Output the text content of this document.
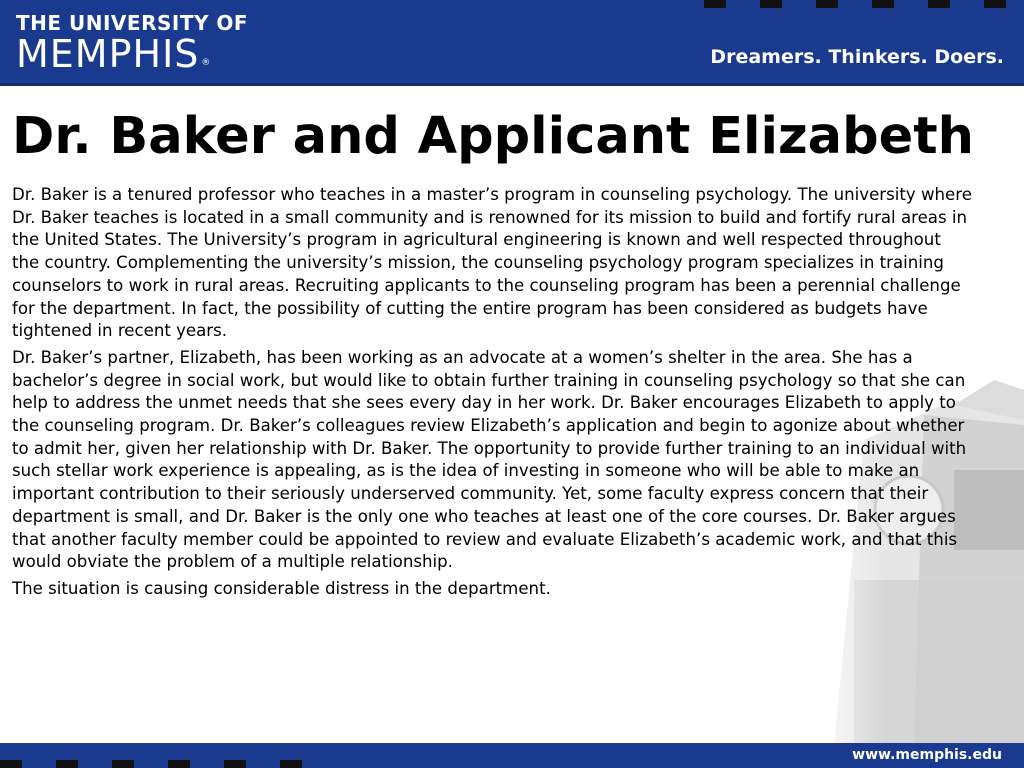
THE UNIVERSITY OF
MEMPHIS ®	Dreamers. Thinkers. Doers.
Dr. Baker and Applicant Elizabeth

Dr. Baker is a tenured professor who teaches in a master’s program in counseling psychology. The university where Dr. Baker teaches is located in a small community and is renowned for its mission to build and fortify rural areas in the United States. The University’s program in agricultural engineering is known and well respected throughout the country. Complementing the university’s mission, the counseling psychology program specializes in training counselors to work in rural areas. Recruiting applicants to the counseling program has been a perennial challenge for the department. In fact, the possibility of cutting the entire program has been considered as budgets have tightened in recent years.

Dr. Baker’s partner, Elizabeth, has been working as an advocate at a women’s shelter in the area. She has a bachelor’s degree in social work, but would like to obtain further training in counseling psychology so that she can help to address the unmet needs that she sees every day in her work. Dr. Baker encourages Elizabeth to apply to the counseling program. Dr. Baker’s colleagues review Elizabeth’s application and begin to agonize about whether to admit her, given her relationship with Dr. Baker. The opportunity to provide further training to an individual with such stellar work experience is appealing, as is the idea of investing in someone who will be able to make an important contribution to their seriously underserved community. Yet, some faculty express concern that their department is small, and Dr. Baker is the only one who teaches at least one of the core courses. Dr. Baker argues that another faculty member could be appointed to review and evaluate Elizabeth’s academic work, and that this would obviate the problem of a multiple relationship.

The situation is causing considerable distress in the department.

www.memphis.edu
